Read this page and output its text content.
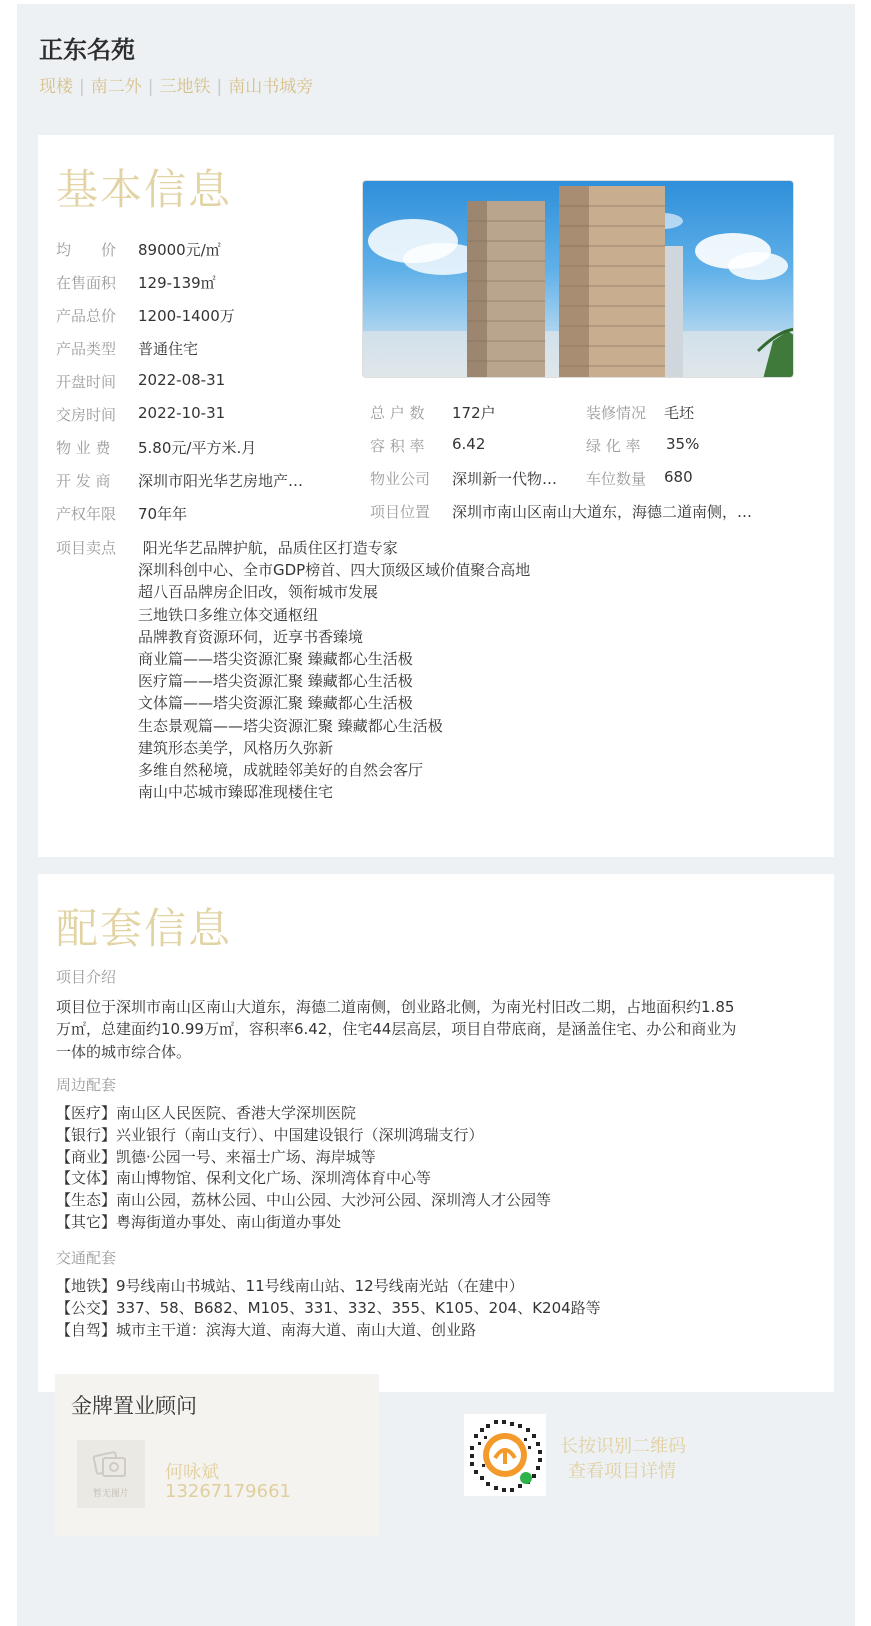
正东名苑
现楼 | 南二外 | 三地铁 | 南山书城旁
基本信息
均　　价	89000元/㎡
在售面积	129-139㎡
产品总价	1200-1400万
产品类型	普通住宅
开盘时间	2022-08-31
交房时间	2022-10-31
物 业 费	5.80元/平方米.月
开 发 商	深圳市阳光华艺房地产…
产权年限	70年年
总 户 数	172户	装修情况	毛坯
容 积 率	6.42	绿 化 率	35%
物业公司	深圳新一代物… 车位数量	680
项目位置	深圳市南山区南山大道东，海德二道南侧，…
项目卖点 阳光华艺品牌护航，品质住区打造专家
深圳科创中心、全市GDP榜首、四大顶级区域价值聚合高地
超八百品牌房企旧改，领衔城市发展
三地铁口多维立体交通枢纽
品牌教育资源环伺，近享书香臻境
商业篇——塔尖资源汇聚 臻藏都心生活极
医疗篇——塔尖资源汇聚 臻藏都心生活极
文体篇——塔尖资源汇聚 臻藏都心生活极
生态景观篇——塔尖资源汇聚 臻藏都心生活极
建筑形态美学，风格历久弥新
多维自然秘境，成就睦邻美好的自然会客厅
南山中芯城市臻邸准现楼住宅
配套信息
项目介绍
项目位于深圳市南山区南山大道东，海德二道南侧，创业路北侧，为南光村旧改二期，占地面积约1.85
万㎡，总建面约10.99万㎡，容积率6.42，住宅44层高层，项目自带底商，是涵盖住宅、办公和商业为
一体的城市综合体。
周边配套
【医疗】南山区人民医院、香港大学深圳医院
【银行】兴业银行（南山支行）、中国建设银行（深圳鸿瑞支行）
【商业】凯德·公园一号、来福士广场、海岸城等
【文体】南山博物馆、保利文化广场、深圳湾体育中心等
【生态】南山公园，荔林公园、中山公园、大沙河公园、深圳湾人才公园等
【其它】粤海街道办事处、南山街道办事处
交通配套
【地铁】9号线南山书城站、11号线南山站、12号线南光站（在建中）
【公交】337、58、B682、M105、331、332、355、K105、204、K204路等
【自驾】城市主干道：滨海大道、南海大道、南山大道、创业路
金牌置业顾问
暂无图片
何咏斌
13267179661
长按识别二维码
查看项目详情
